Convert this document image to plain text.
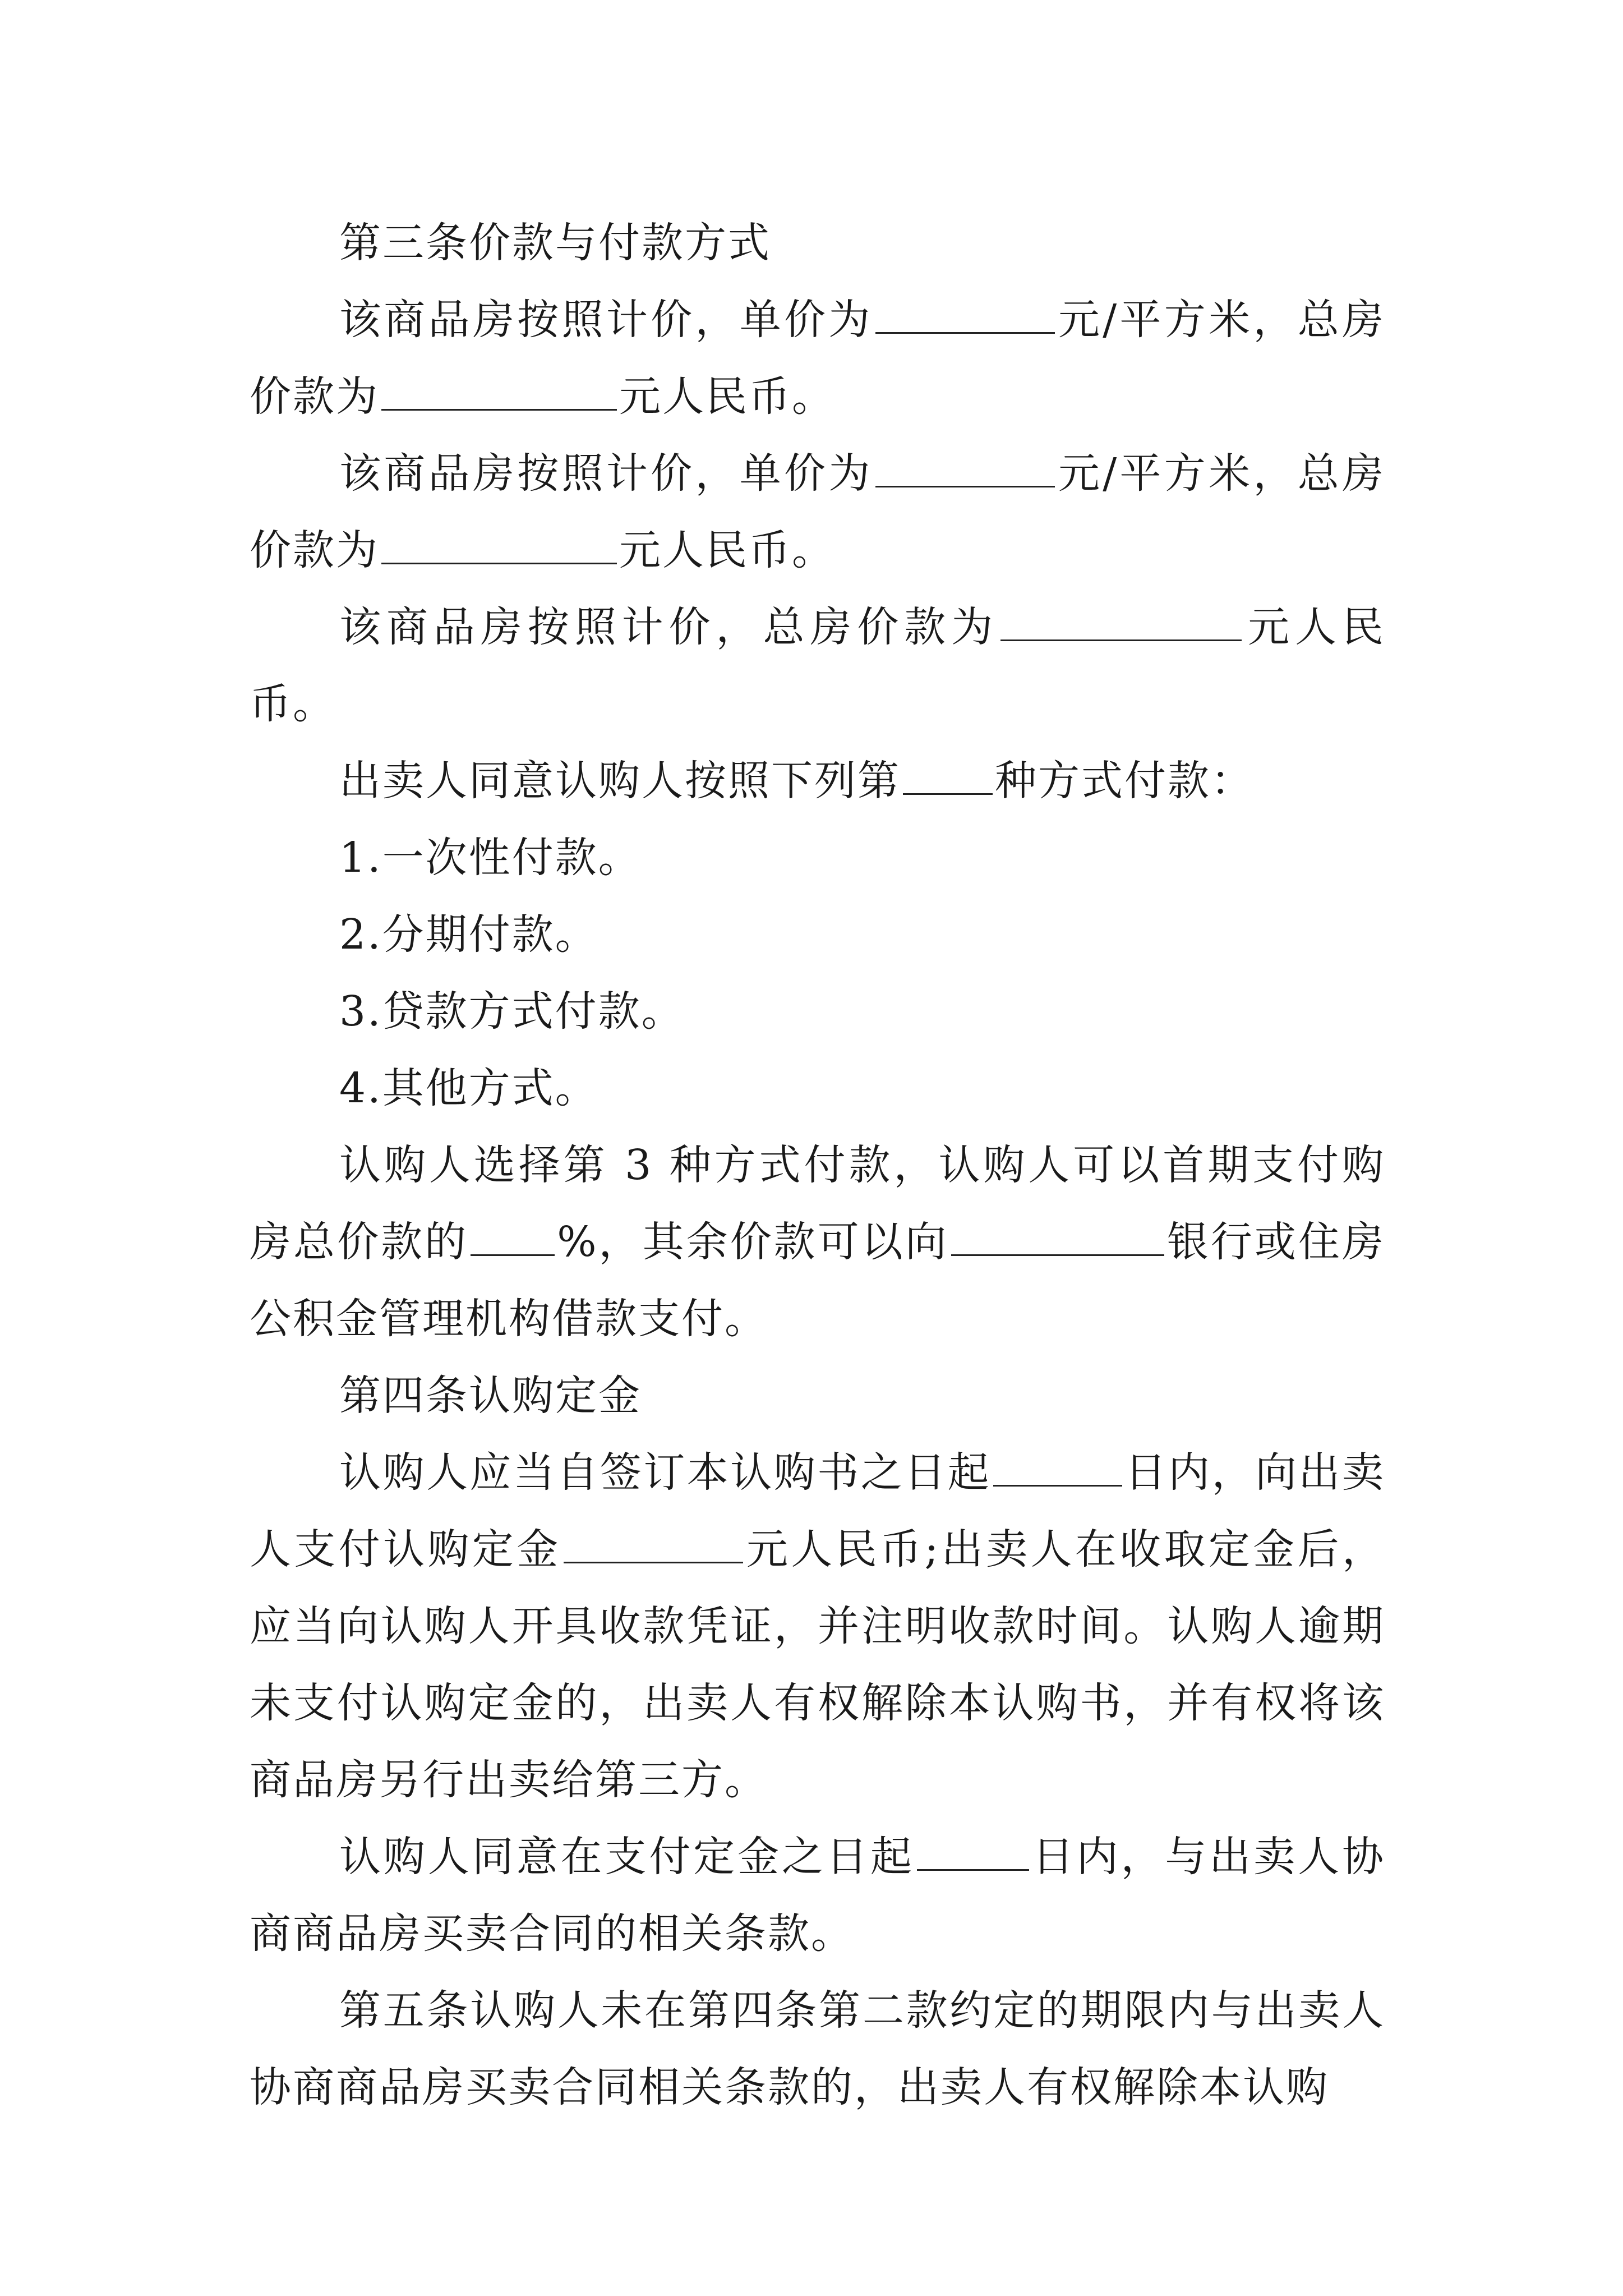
第三条价款与付款方式

该商品房按照计价，单价为	元/平方米，总房价款为	元人民币。

该商品房按照计价，单价为	元/平方米，总房价款为	元人民币。

该商品房按照计价，总房价款为	元人民币。

出卖人同意认购人按照下列第 种方式付款：

1.一次性付款。

2.分期付款。

3.贷款方式付款。

4.其他方式。

认购人选择第 3 种方式付款，认购人可以首期支付购房总价款的 %，其余价款可以向	银行或住房公积金管理机构借款支付。

第四条认购定金

认购人应当自签订本认购书之日起	日内，向出卖人支付认购定金	元人民币;出卖人在收取定金后，应当向认购人开具收款凭证，并注明收款时间。认购人逾期未支付认购定金的，出卖人有权解除本认购书，并有权将该商品房另行出卖给第三方。

认购人同意在支付定金之日起	日内，与出卖人协商商品房买卖合同的相关条款。

第五条认购人未在第四条第二款约定的期限内与出卖人协商商品房买卖合同相关条款的，出卖人有权解除本认购
